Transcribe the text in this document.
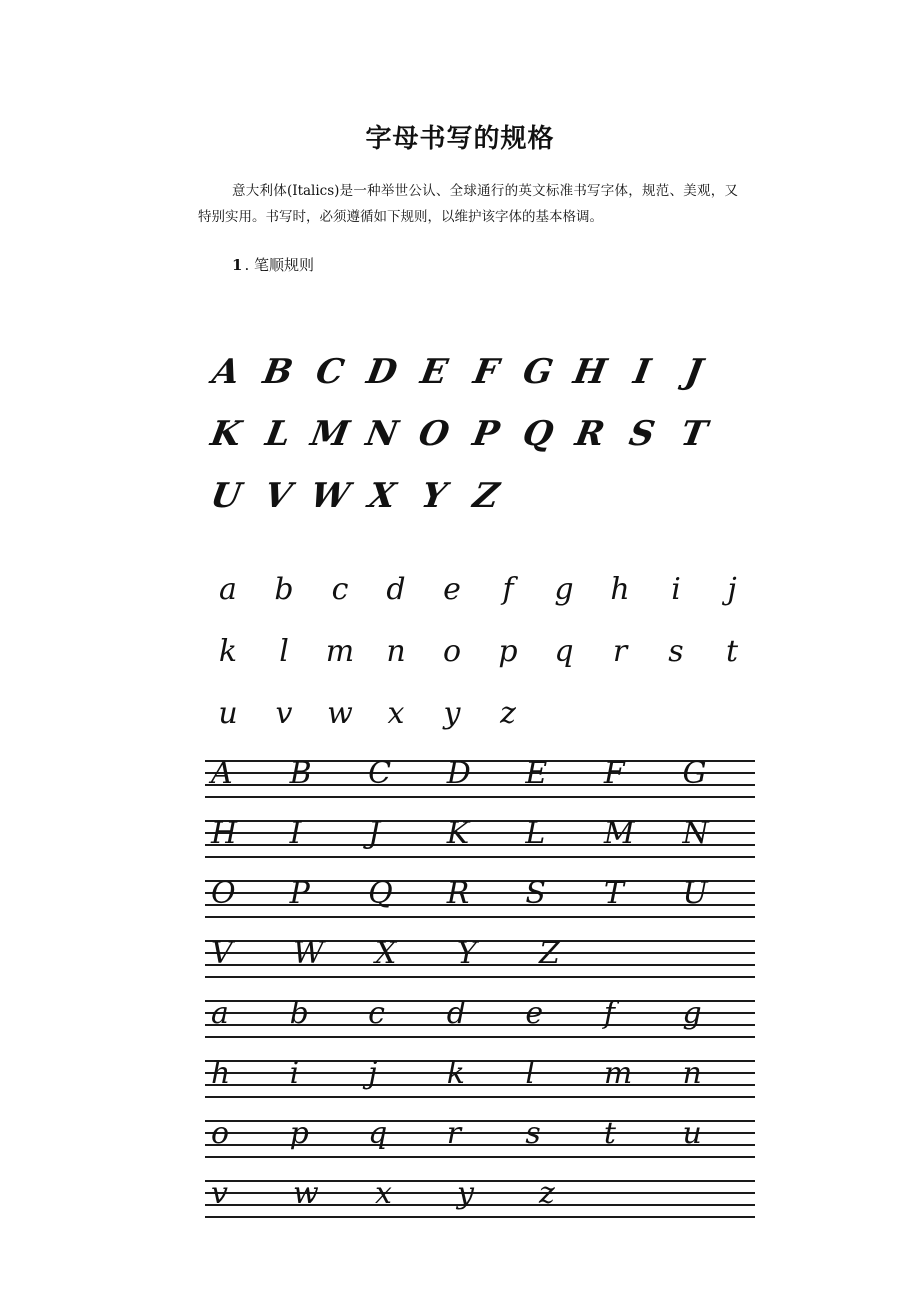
字母书写的规格
意大利体(Italics)是一种举世公认、全球通行的英文标准书写字体，规范、美观，又特别实用。书写时，必须遵循如下规则，以维护该字体的基本格调。
1 . 笔顺规则
A B C D E F G H I J
K L M N O P Q R S T
U V W X Y Z
a	b	c	d	e	f	g	h	i	j
k	l	m	n	o	p	q	r	s	t
u	v	w	x	y	z
A	B	C	D	E	F	G
H	I	J	K	L	M	N
O	P	Q	R	S	T	U
V	W	X	Y	Z
a	b	c	d	e	f	g
h	i	j	k	l	m	n
o	p	q	r	s	t	u
v	w	x	y	z
